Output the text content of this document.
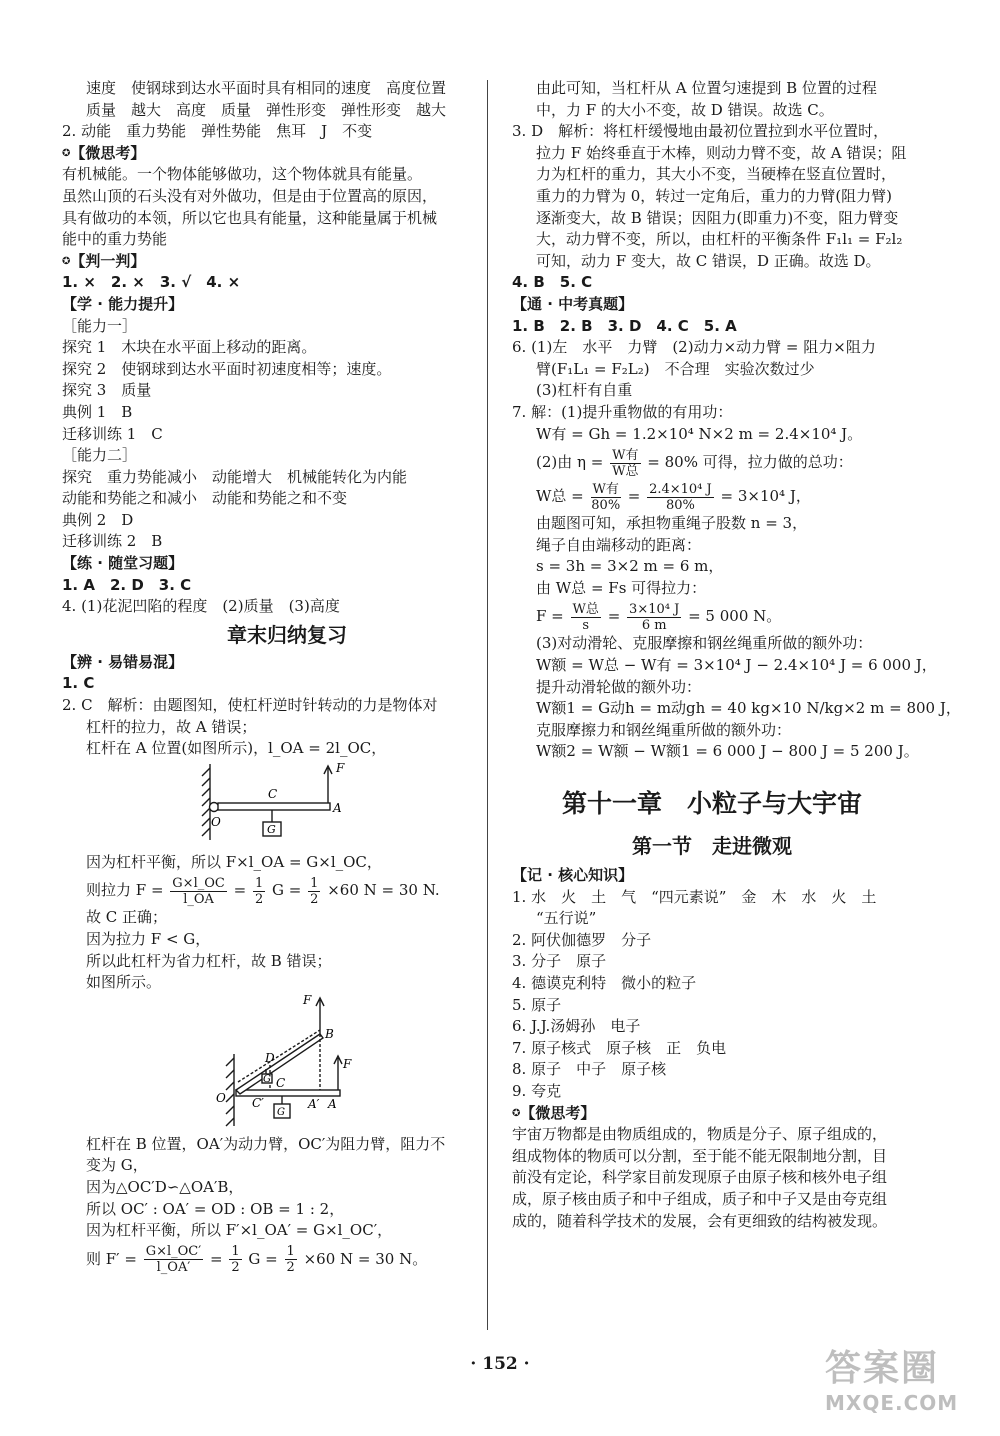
速度　使钢球到达水平面时具有相同的速度　高度位置
质量　越大　高度　质量　弹性形变　弹性形变　越大
2. 动能　重力势能　弹性势能　焦耳　J　不变
✪【微思考】
有机械能。一个物体能够做功，这个物体就具有能量。
虽然山顶的石头没有对外做功，但是由于位置高的原因，
具有做功的本领，所以它也具有能量，这种能量属于机械
能中的重力势能
✪【判一判】
1. ×　2. ×　3. √　4. ×
【学 · 能力提升】
［能力一］
探究 1　木块在水平面上移动的距离。
探究 2　使钢球到达水平面时初速度相等；速度。
探究 3　质量
典例 1　B
迁移训练 1　C
［能力二］
探究　重力势能减小　动能增大　机械能转化为内能
动能和势能之和减小　动能和势能之和不变
典例 2　D
迁移训练 2　B
【练 · 随堂习题】
1. A　2. D　3. C
4. (1)花泥凹陷的程度　(2)质量　(3)高度
章末归纳复习
【辨 · 易错易混】
1. C
2. C　解析：由题图知，使杠杆逆时针转动的力是物体对
杠杆的拉力，故 A 错误；
杠杆在 A 位置(如图所示)，l_OA = 2l_OC，
F
C
O
A
G
因为杠杆平衡，所以 F×l_OA = G×l_OC，
则拉力 $F = \frac{G\times l\_OC}{l\_OA} = \frac{1}{2}$ $G = \frac{1}{2} \times 60$ N = 30 N.
故 C 正确；
因为拉力 F < G，
所以此杠杆为省力杠杆，故 B 错误；
如图所示。
F
F
B
D
G C
C′
O	A′ A
G
杠杆在 B 位置，OA′为动力臂，OC′为阻力臂，阻力不
变为 G，
因为△OC′D∽△OA′B，
所以 OC′ : OA′ = OD : OB = 1 : 2，
因为杠杆平衡，所以 F′×l_OA′ = G×l_OC′，
则 $F' = \frac{G\times l\_OC'}{l\_OA'} = \frac{1}{2}$ $G = \frac{1}{2} \times 60$ N = 30 N。
由此可知，当杠杆从 A 位置匀速提到 B 位置的过程
中，力 F 的大小不变，故 D 错误。故选 C。
3. D　解析：将杠杆缓慢地由最初位置拉到水平位置时，
拉力 F 始终垂直于木棒，则动力臂不变，故 A 错误；阻
力为杠杆的重力，其大小不变，当硬棒在竖直位置时，
重力的力臂为 0，转过一定角后，重力的力臂(阻力臂)
逐渐变大，故 B 错误；因阻力(即重力)不变，阻力臂变
大，动力臂不变，所以，由杠杆的平衡条件 F₁l₁ = F₂l₂
可知，动力 F 变大，故 C 错误，D 正确。故选 D。
4. B　5. C
【通 · 中考真题】
1. B　2. B　3. D　4. C　5. A
6. (1)左　水平　力臂　(2)动力×动力臂 = 阻力×阻力
臂(F₁L₁ = F₂L₂)　不合理　实验次数过少
(3)杠杆有自重
7. 解：(1)提升重物做的有用功：
W有 = Gh = 1.2×10⁴ N×2 m = 2.4×10⁴ J。
(2)由 $\eta = \frac{\text{W有}}{\text{W总}} = 80\%$ 可得，拉力做的总功：
W总 = $\frac{\text{W有}}{80\%} = \frac{\text{2.4×10⁴ J}}{80\%} = 3\times 10^4$ J，
由题图可知，承担物重绳子股数 n = 3，
绳子自由端移动的距离：
s = 3h = 3×2 m = 6 m，
由 W总 = Fs 可得拉力：
$F = \frac{\text{W总}}{s} = \frac{\text{3×10⁴ J}}{6 m} = 5$ 000 N。
(3)对动滑轮、克服摩擦和钢丝绳重所做的额外功：
W额 = W总 − W有 = 3×10⁴ J − 2.4×10⁴ J = 6 000 J，
提升动滑轮做的额外功：
W额1 = G动h = m动gh = 40 kg×10 N/kg×2 m = 800 J，
克服摩擦力和钢丝绳重所做的额外功：
W额2 = W额 − W额1 = 6 000 J − 800 J = 5 200 J。
第十一章　小粒子与大宇宙
第一节　走进微观
【记 · 核心知识】
1. 水　火　土　气　“四元素说”　金　木　水　火　土
“五行说”
2. 阿伏伽德罗　分子
3. 分子　原子
4. 德谟克利特　微小的粒子
5. 原子
6. J.J.汤姆孙　电子
7. 原子核式　原子核　正　负电
8. 原子　中子　原子核
9. 夸克
✪【微思考】
宇宙万物都是由物质组成的，物质是分子、原子组成的，
组成物体的物质可以分割，至于能不能无限制地分割，目
前没有定论，科学家目前发现原子由原子核和核外电子组
成，原子核由质子和中子组成，质子和中子又是由夸克组
成的，随着科学技术的发展，会有更细致的结构被发现。
· 152 ·	答案圈
MXQE.COM
